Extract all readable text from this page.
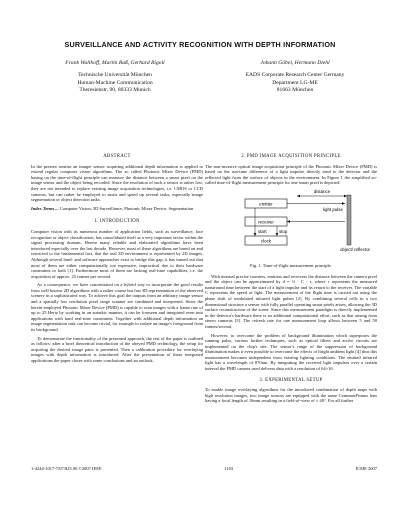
SURVEILLANCE AND ACTIVITY RECOGNITION WITH DEPTH INFORMATION
Frank Wallhoff, Martin Ruß, Gerhard Rigoll
Technische Universität München
Human-Machine Communication
Theresienstr. 90, 80333 Munich
Johann Göbel, Hermann Diehl
EADS Corporate Research Center Germany
Department LG-ME
81663 München
ABSTRACT
In the present treatise an imager sensor acquiring additional depth information is applied to extend regular computer vision algorithms. The so called Photonic Mixer Device (PMD) basing on the time-of-flight principle can measure the distance between a smart pixel on the image sensor and the object being recorded. Since the resolution of such a sensor is rather low, they are not intended to replace existing image acquisition technologies, i.e. CMOS or CCD cameras, but can rather be employed to assist and speed up several tasks, especially image segmentation or object detection tasks.
Index Terms— Computer Vision, 3D Surveillance, Photonic Mixer Device, Segmentation
1. INTRODUCTION
Computer vision with its numerous number of application fields, such as surveillance, face recognition or object classification, has consolidated itself as a very important sector within the signal processing domain. Herein many reliable and elaborated algorithms have been introduced especially over the last decade. However, most of these algorithms are based on and restricted to the fundamental fact, that the real 3D environment is represented by 2D images. Although several hard- and software approaches exist to bridge this gap, it has turned out that most of them are either computationally too expensive, impractical due to their hardware constraints or both [1]. Furthermore most of them are lacking real-time capabilities, i.e. the acquisition of approx. 25 frames per second.
As a consequence, we have concentrated on a hybrid way to incorporate the good results from well-known 2D algorithms with a rather coarse but fast 3D representation of the observed scenery in a sophisticated way. To achieve this goal the outputs from an arbitrary image sensor and a spatially low resolution pixel range scanner are combined and interpreted. Since the herein employed Photonic Mixer Device (PMD) is capable to scan images with a frame rate of up to 25 Hertz by working in an autarkic manner, it can be foreseen and integrated even into applications with hard real-time constraints. Together with additional depth information an image segmentation task can become trivial, for example to isolate an image's foreground from its background.
To demonstrate the functionality of the presented approach, the rest of the paper is outlined as follows: after a brief theoretical introduction of the obeyed PMD technology, the setup for acquiring the desired image pairs is presented. Then a calibration procedure for overlaying images with depth information is introduced. After the presentation of these integrated applications the paper closes with some conclusions and an outlook.
2. PMD IMAGE ACQUISITION PRINCIPLE
The non-invasive optical image acquisition principle of the Photonic Mixer Device (PMD) is based on the run-time difference of a light impulse directly send to the detector and the reflected light from the surface of objects in the environment. In Figure 1 the simplified so-called time-of-flight measurement principle for one smart pixel is depicted.
distance
emitter
receiver
clock
start	stop
light pulse
object/ reflector
Fig. 1. Time-of-flight measurement principle.
With internal precise counters, emitters and receivers the distance between the camera pixel and the object can be approximated by d = ½ · C · τ, where τ represents the measured turnaround time between the start of a light impulse and its return to the receiver. The variable C represents the speed of light. The measurement of the flight time is carried out using the phase shift of modulated infrared light pulses [2]. By combining several cells in a two dimensional structure a sensor with fully parallel operating smart pixels arises, allowing the 3D surface reconstruction of the scene. Since this measurement paradigm is directly implemented in the detector's hardware there is no additional computational effort, such as that arising from stereo cameras [3]. The refresh rate for one measurement loop allows between 5 and 50 frames/second.
However, to overcome the problem of background illumination which superposes the running pulse, various further techniques, such as optical filters and active circuits are implemented on the chip's site. The sensor's range of the suppression of background illumination makes it even possible to overcome the effects of bright ambient light [4] thus this measurement becomes independent from existing lighting conditions. The emitted infrared light has a wavelength of 870nm. By integrating the received light impulses over a certain interval the PMD camera used delivers data with a resolution of 64×16.
3. EXPERIMENTAL SETUP
To enable image overlaying algorithms for the introduced combination of depth maps with high resolution images, two image sensors are equipped with the same CommonPrimus lens having a focal length of 16mm resulting in a field-of-view of ≈ 40°. For all further
1-4244-1017-7/07/$25.00 ©2007 IEEE	1103	ICME 2007
